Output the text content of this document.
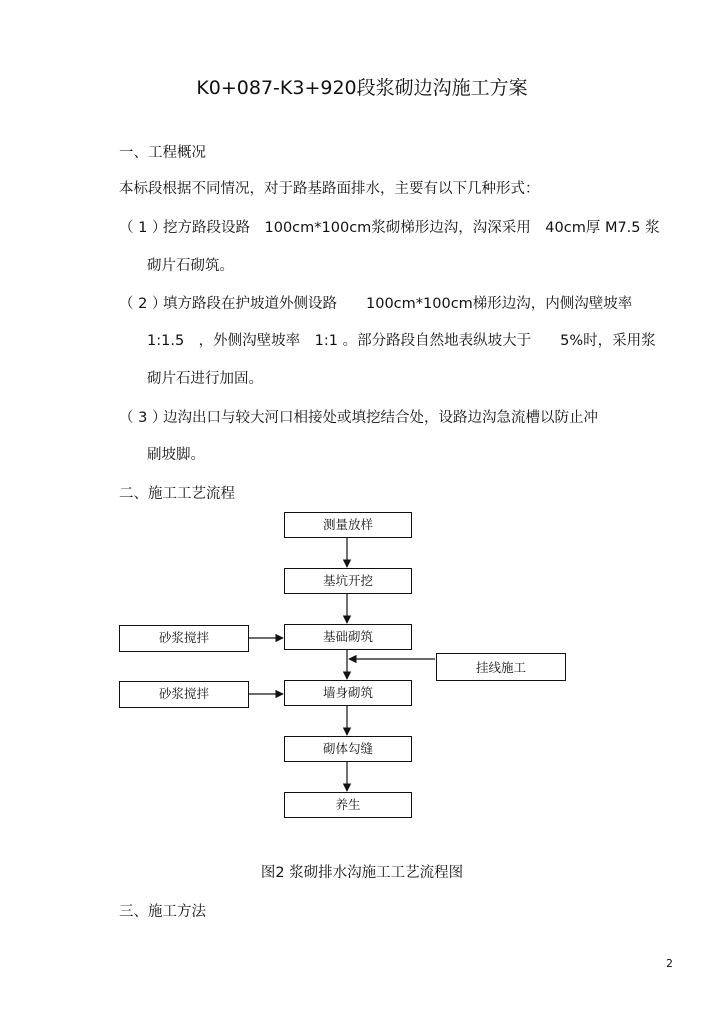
K0+087-K3+920段浆砌边沟施工方案
一、工程概况
本标段根据不同情况，对于路基路面排水，主要有以下几种形式：
（ 1 ）
挖方路段设路　100cm*100cm浆砌梯形边沟，沟深采用　40cm厚 M7.5 浆
砌片石砌筑。
（ 2 ）
填方路段在护坡道外侧设路　　100cm*100cm梯形边沟，内侧沟壁坡率
1:1.5　，外侧沟壁坡率　1:1 。部分路段自然地表纵坡大于　　5%时，采用浆
砌片石进行加固。
（ 3 ）
边沟出口与较大河口相接处或填挖结合处，设路边沟急流槽以防止冲
刷坡脚。
二、施工工艺流程
测量放样
基坑开挖
基础砌筑
墙身砌筑
砌体勾缝
养生
砂浆搅拌
砂浆搅拌
挂线施工
图2 浆砌排水沟施工工艺流程图
三、施工方法
2
